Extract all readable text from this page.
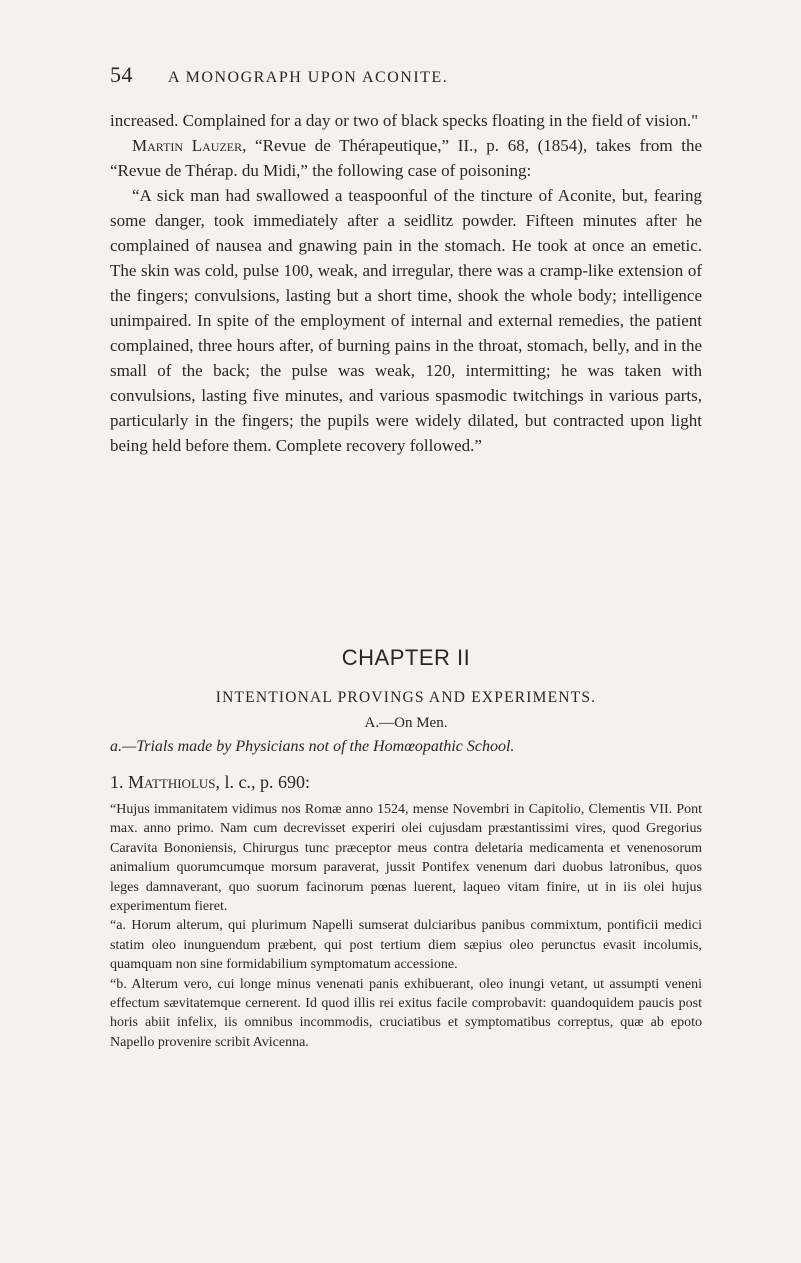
54 A MONOGRAPH UPON ACONITE.

increased. Complained for a day or two of black specks floating in the field of vision."

Martin Lauzer, “Revue de Thérapeutique,” II., p. 68, (1854), takes from the “Revue de Thérap. du Midi,” the following case of poisoning:

“A sick man had swallowed a teaspoonful of the tincture of Aconite, but, fearing some danger, took immediately after a seidlitz powder. Fifteen minutes after he complained of nausea and gnawing pain in the stomach. He took at once an emetic. The skin was cold, pulse 100, weak, and irregular, there was a cramp-like extension of the fingers; convulsions, lasting but a short time, shook the whole body; intelligence unimpaired. In spite of the employment of internal and external remedies, the patient complained, three hours after, of burning pains in the throat, stomach, belly, and in the small of the back; the pulse was weak, 120, intermitting; he was taken with convulsions, lasting five minutes, and various spasmodic twitchings in various parts, particularly in the fingers; the pupils were widely dilated, but contracted upon light being held before them. Complete recovery followed.”

CHAPTER II
INTENTIONAL PROVINGS AND EXPERIMENTS.
A.—On Men.
a.—Trials made by Physicians not of the Homœopathic School.
1. Matthiolus, l. c., p. 690:

“Hujus immanitatem vidimus nos Romæ anno 1524, mense Novembri in Capitolio, Clementis VII. Pont max. anno primo. Nam cum decrevisset experiri olei cujusdam præstantissimi vires, quod Gregorius Caravita Bononiensis, Chirurgus tunc præceptor meus contra deletaria medicamenta et venenosorum animalium quorumcumque morsum paraverat, jussit Pontifex venenum dari duobus latronibus, quos leges damnaverant, quo suorum facinorum pœnas luerent, laqueo vitam finire, ut in iis olei hujus experimentum fieret.

“a. Horum alterum, qui plurimum Napelli sumserat dulciaribus panibus commixtum, pontificii medici statim oleo inunguendum præbent, qui post tertium diem sæpius oleo perunctus evasit incolumis, quamquam non sine formidabilium symptomatum accessione.

“b. Alterum vero, cui longe minus venenati panis exhibuerant, oleo inungi vetant, ut assumpti veneni effectum sævitatemque cernerent. Id quod illis rei exitus facile comprobavit: quandoquidem paucis post horis abiit infelix, iis omnibus incommodis, cruciatibus et symptomatibus correptus, quæ ab epoto Napello provenire scribit Avicenna.
